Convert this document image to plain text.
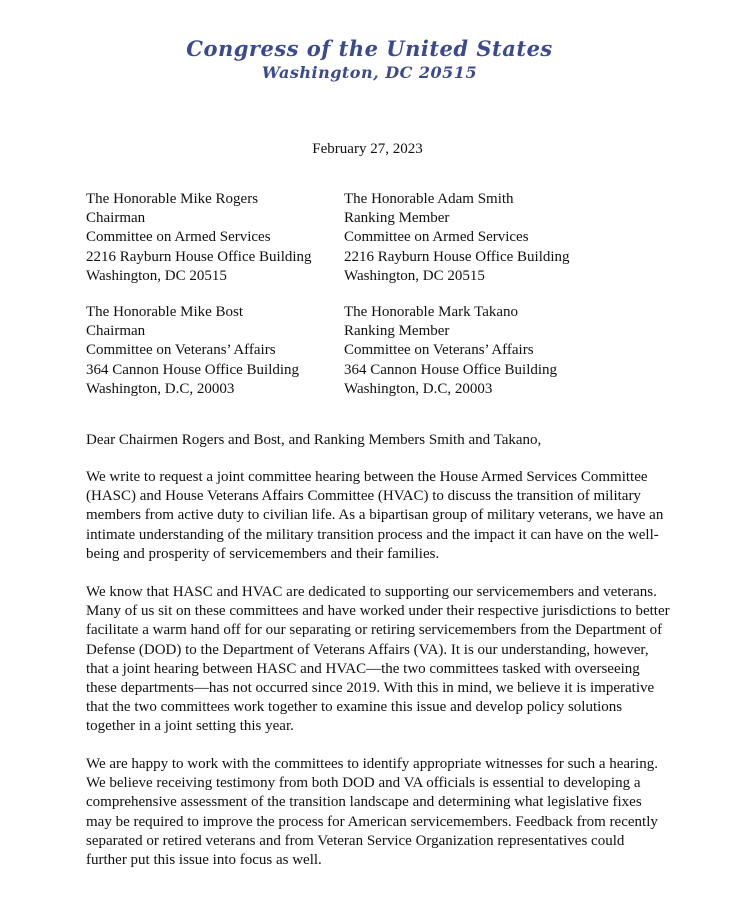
Congress of the United States
Washington, DC 20515
February 27, 2023
The Honorable Mike Rogers
Chairman
Committee on Armed Services
2216 Rayburn House Office Building
Washington, DC 20515
The Honorable Adam Smith
Ranking Member
Committee on Armed Services
2216 Rayburn House Office Building
Washington, DC 20515
The Honorable Mike Bost
Chairman
Committee on Veterans’ Affairs
364 Cannon House Office Building
Washington, D.C, 20003
The Honorable Mark Takano
Ranking Member
Committee on Veterans’ Affairs
364 Cannon House Office Building
Washington, D.C, 20003
Dear Chairmen Rogers and Bost, and Ranking Members Smith and Takano,
We write to request a joint committee hearing between the House Armed Services Committee
(HASC) and House Veterans Affairs Committee (HVAC) to discuss the transition of military
members from active duty to civilian life. As a bipartisan group of military veterans, we have an
intimate understanding of the military transition process and the impact it can have on the well-
being and prosperity of servicemembers and their families.
We know that HASC and HVAC are dedicated to supporting our servicemembers and veterans.
Many of us sit on these committees and have worked under their respective jurisdictions to better
facilitate a warm hand off for our separating or retiring servicemembers from the Department of
Defense (DOD) to the Department of Veterans Affairs (VA). It is our understanding, however,
that a joint hearing between HASC and HVAC—the two committees tasked with overseeing
these departments—has not occurred since 2019. With this in mind, we believe it is imperative
that the two committees work together to examine this issue and develop policy solutions
together in a joint setting this year.
We are happy to work with the committees to identify appropriate witnesses for such a hearing.
We believe receiving testimony from both DOD and VA officials is essential to developing a
comprehensive assessment of the transition landscape and determining what legislative fixes
may be required to improve the process for American servicemembers. Feedback from recently
separated or retired veterans and from Veteran Service Organization representatives could
further put this issue into focus as well.
